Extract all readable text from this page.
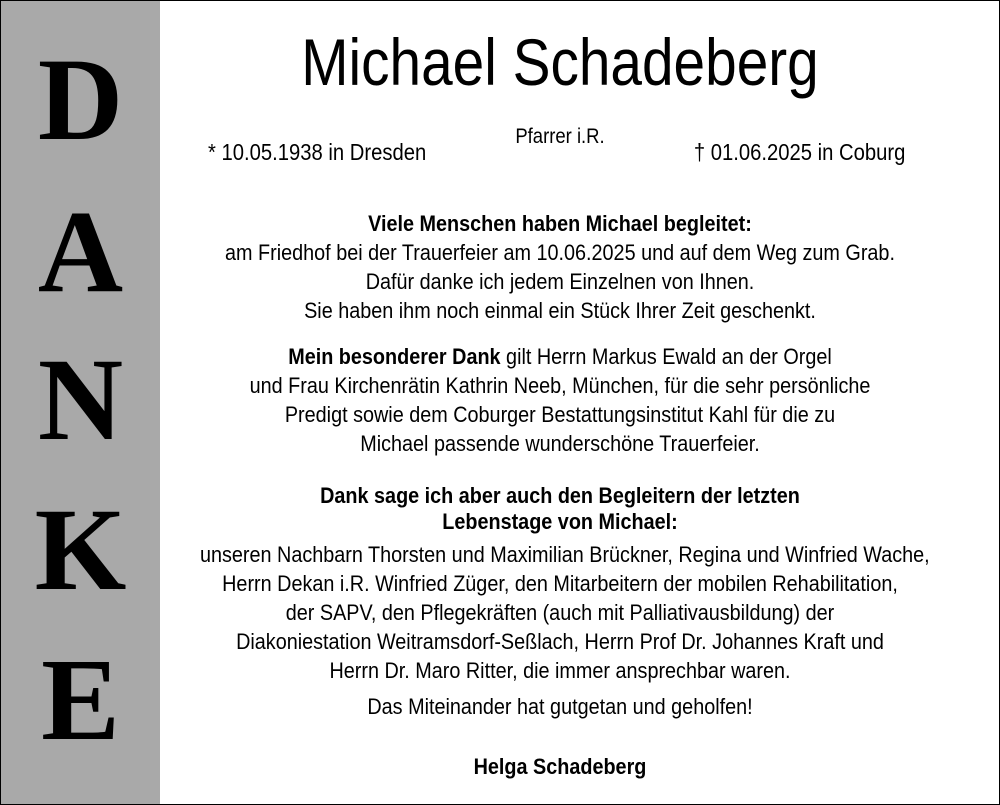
D
A
N
K
E
Michael Schadeberg
* 10.05.1938 in Dresden
Pfarrer i.R.
† 01.06.2025 in Coburg
Viele Menschen haben Michael begleitet:
am Friedhof bei der Trauerfeier am 10.06.2025 und auf dem Weg zum Grab.
Dafür danke ich jedem Einzelnen von Ihnen.
Sie haben ihm noch einmal ein Stück Ihrer Zeit geschenkt.
Mein besonderer Dank gilt Herrn Markus Ewald an der Orgel
und Frau Kirchenrätin Kathrin Neeb, München, für die sehr persönliche
Predigt sowie dem Coburger Bestattungsinstitut Kahl für die zu
Michael passende wunderschöne Trauerfeier.
Dank sage ich aber auch den Begleitern der letzten
Lebenstage von Michael:
unseren Nachbarn Thorsten und Maximilian Brückner, Regina und Winfried Wache,
Herrn Dekan i.R. Winfried Züger, den Mitarbeitern der mobilen Rehabilitation,
der SAPV, den Pflegekräften (auch mit Palliativausbildung) der
Diakoniestation Weitramsdorf-Seßlach, Herrn Prof Dr. Johannes Kraft und
Herrn Dr. Maro Ritter, die immer ansprechbar waren.
Das Miteinander hat gutgetan und geholfen!
Helga Schadeberg
